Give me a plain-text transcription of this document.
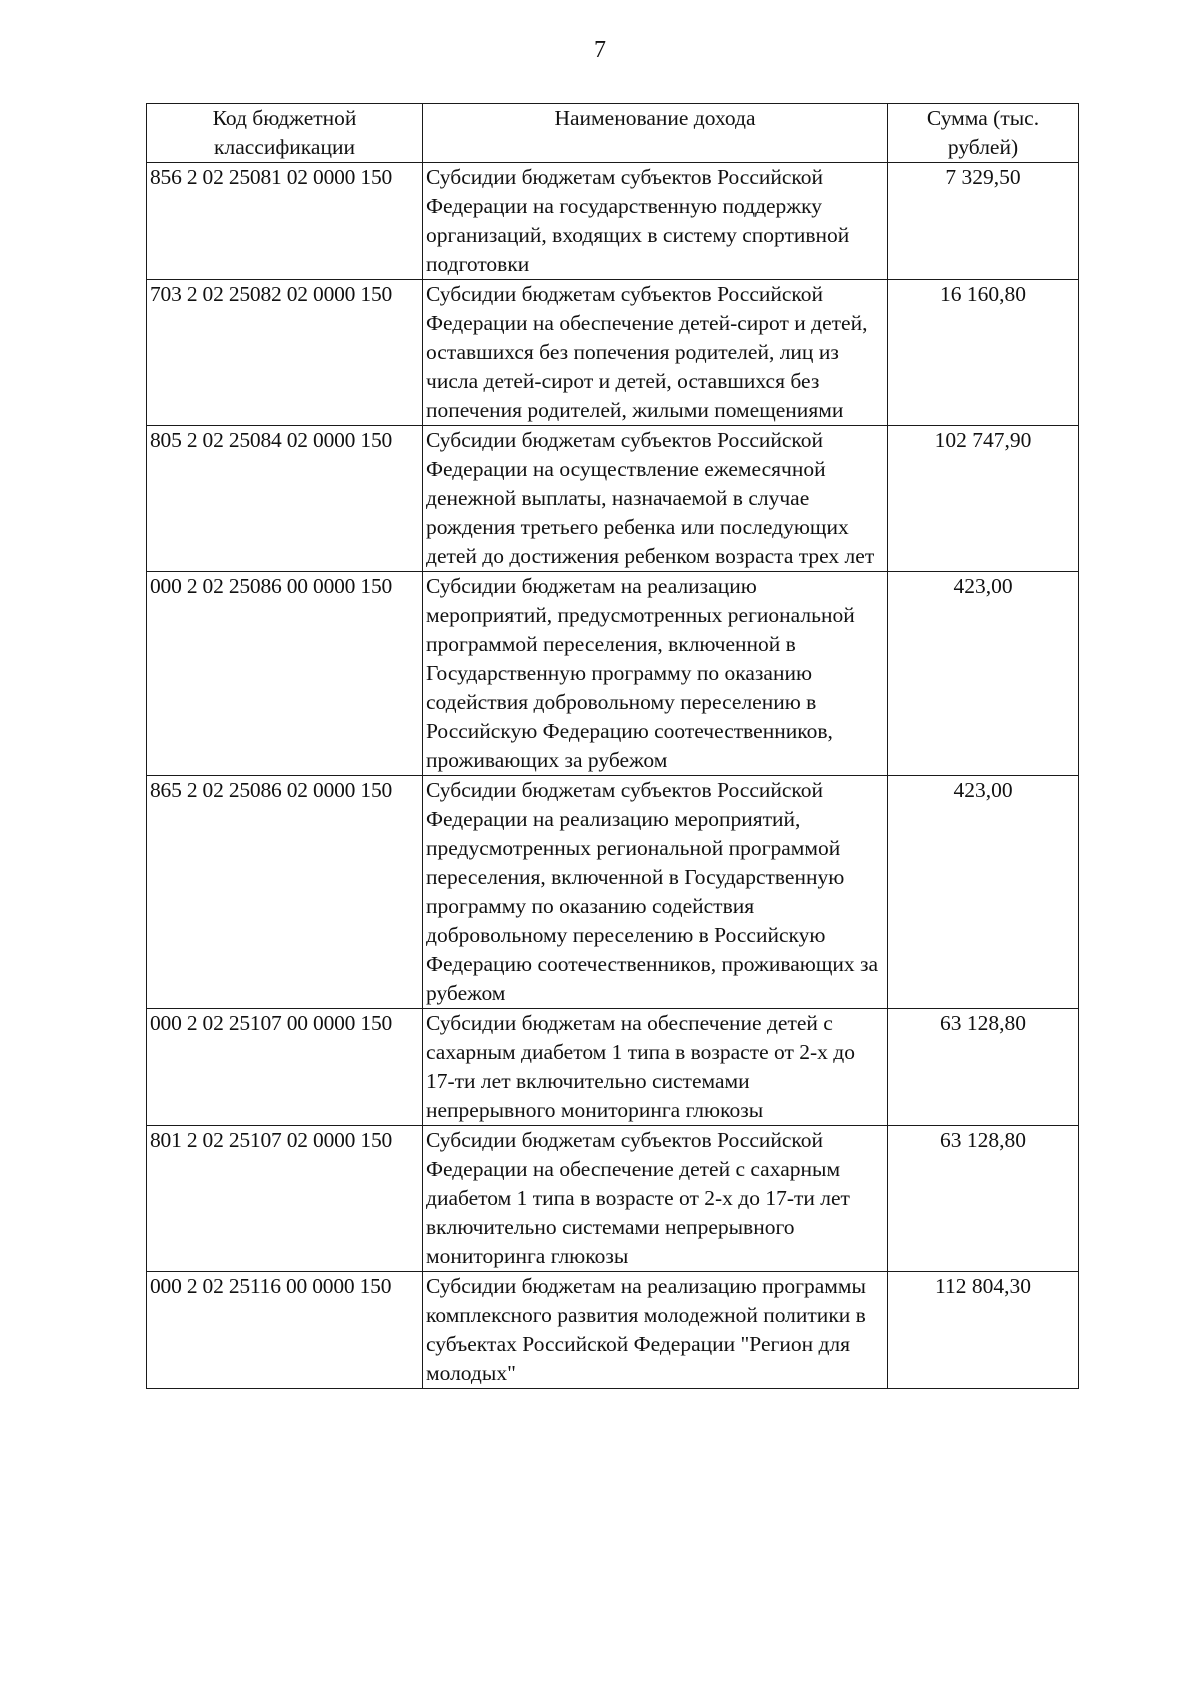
7
Код бюджетной классификации	Наименование дохода	Сумма (тыс. рублей)
856 2 02 25081 02 0000 150	Субсидии бюджетам субъектов Российской Федерации на государственную поддержку организаций, входящих в систему спортивной подготовки	7 329,50
703 2 02 25082 02 0000 150	Субсидии бюджетам субъектов Российской Федерации на обеспечение детей-сирот и детей, оставшихся без попечения родителей, лиц из числа детей-сирот и детей, оставшихся без попечения родителей, жилыми помещениями	16 160,80
805 2 02 25084 02 0000 150	Субсидии бюджетам субъектов Российской Федерации на осуществление ежемесячной денежной выплаты, назначаемой в случае рождения третьего ребенка или последующих детей до достижения ребенком возраста трех лет	102 747,90
000 2 02 25086 00 0000 150	Субсидии бюджетам на реализацию мероприятий, предусмотренных региональной программой переселения, включенной в Государственную программу по оказанию содействия добровольному переселению в Российскую Федерацию соотечественников, проживающих за рубежом	423,00
865 2 02 25086 02 0000 150	Субсидии бюджетам субъектов Российской Федерации на реализацию мероприятий, предусмотренных региональной программой переселения, включенной в Государственную программу по оказанию содействия добровольному переселению в Российскую Федерацию соотечественников, проживающих за рубежом	423,00
000 2 02 25107 00 0000 150	Субсидии бюджетам на обеспечение детей с сахарным диабетом 1 типа в возрасте от 2-х до 17-ти лет включительно системами непрерывного мониторинга глюкозы	63 128,80
801 2 02 25107 02 0000 150	Субсидии бюджетам субъектов Российской Федерации на обеспечение детей с сахарным диабетом 1 типа в возрасте от 2-х до 17-ти лет включительно системами непрерывного мониторинга глюкозы	63 128,80
000 2 02 25116 00 0000 150	Субсидии бюджетам на реализацию программы комплексного развития молодежной политики в субъектах Российской Федерации "Регион для молодых"	112 804,30
